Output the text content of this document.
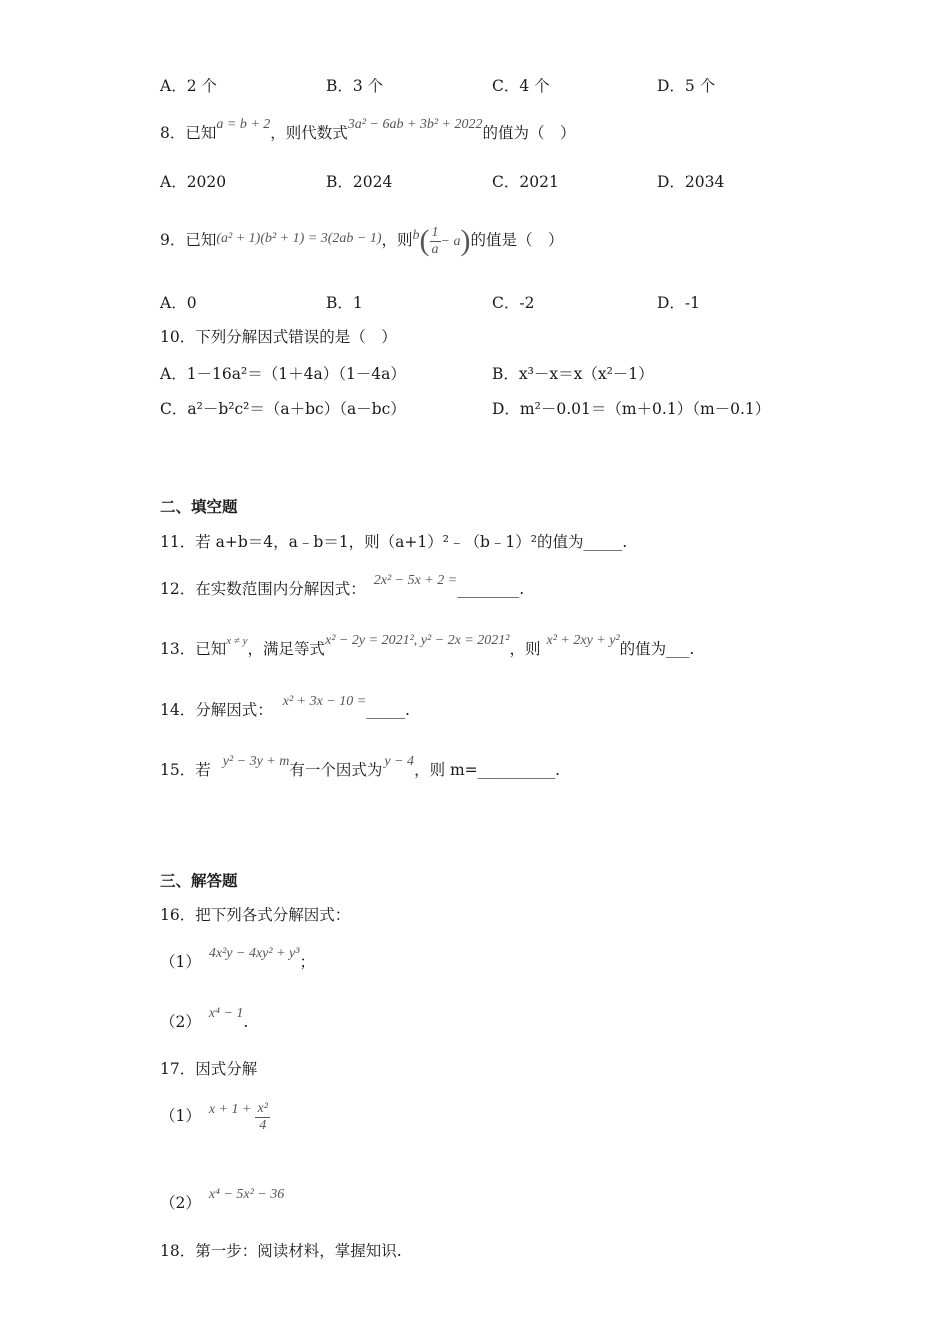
A．2 个	B．3 个	C．4 个	D．5 个
8．已知a = b + 2，则代数式3a² − 6ab + 3b² + 2022的值为（　）
A．2020	B．2024	C．2021	D．2034
9．已知(a² + 1)(b² + 1) = 3(2ab − 1)，则$b( \frac{1}{a} - a)$的值是（　）
A．0	B．1	C．-2	D．-1
10．下列分解因式错误的是（　）
A．1－16a²＝（1＋4a）（1－4a）	B．x³－x＝x（x²－1）
C．a²－b²c²＝（a＋bc）（a－bc）	D．m²－0.01＝（m＋0.1）（m－0.1）
二、填空题
11．若 a+b＝4，a﹣b＝1，则（a+1）²﹣（b﹣1）²的值为_____.
12．在实数范围内分解因式： 2x² − 5x + 2 =________.
13．已知$^{x \ne y}$，满足等式x² − 2y = 2021², y² − 2x = 2021²，则 x² + 2xy + y²的值为___.
14．分解因式： x² + 3x − 10 =_____.
15．若 y² − 3y + m有一个因式为 y − 4，则 m=__________.
三、解答题
16．把下列各式分解因式：
（1） 4x²y − 4xy² + y³；
（2） x⁴ − 1.
17．因式分解
（1） $x + 1 + \frac{\text{x²}}{4}$
（2） x⁴ − 5x² − 36
18．第一步：阅读材料，掌握知识.
